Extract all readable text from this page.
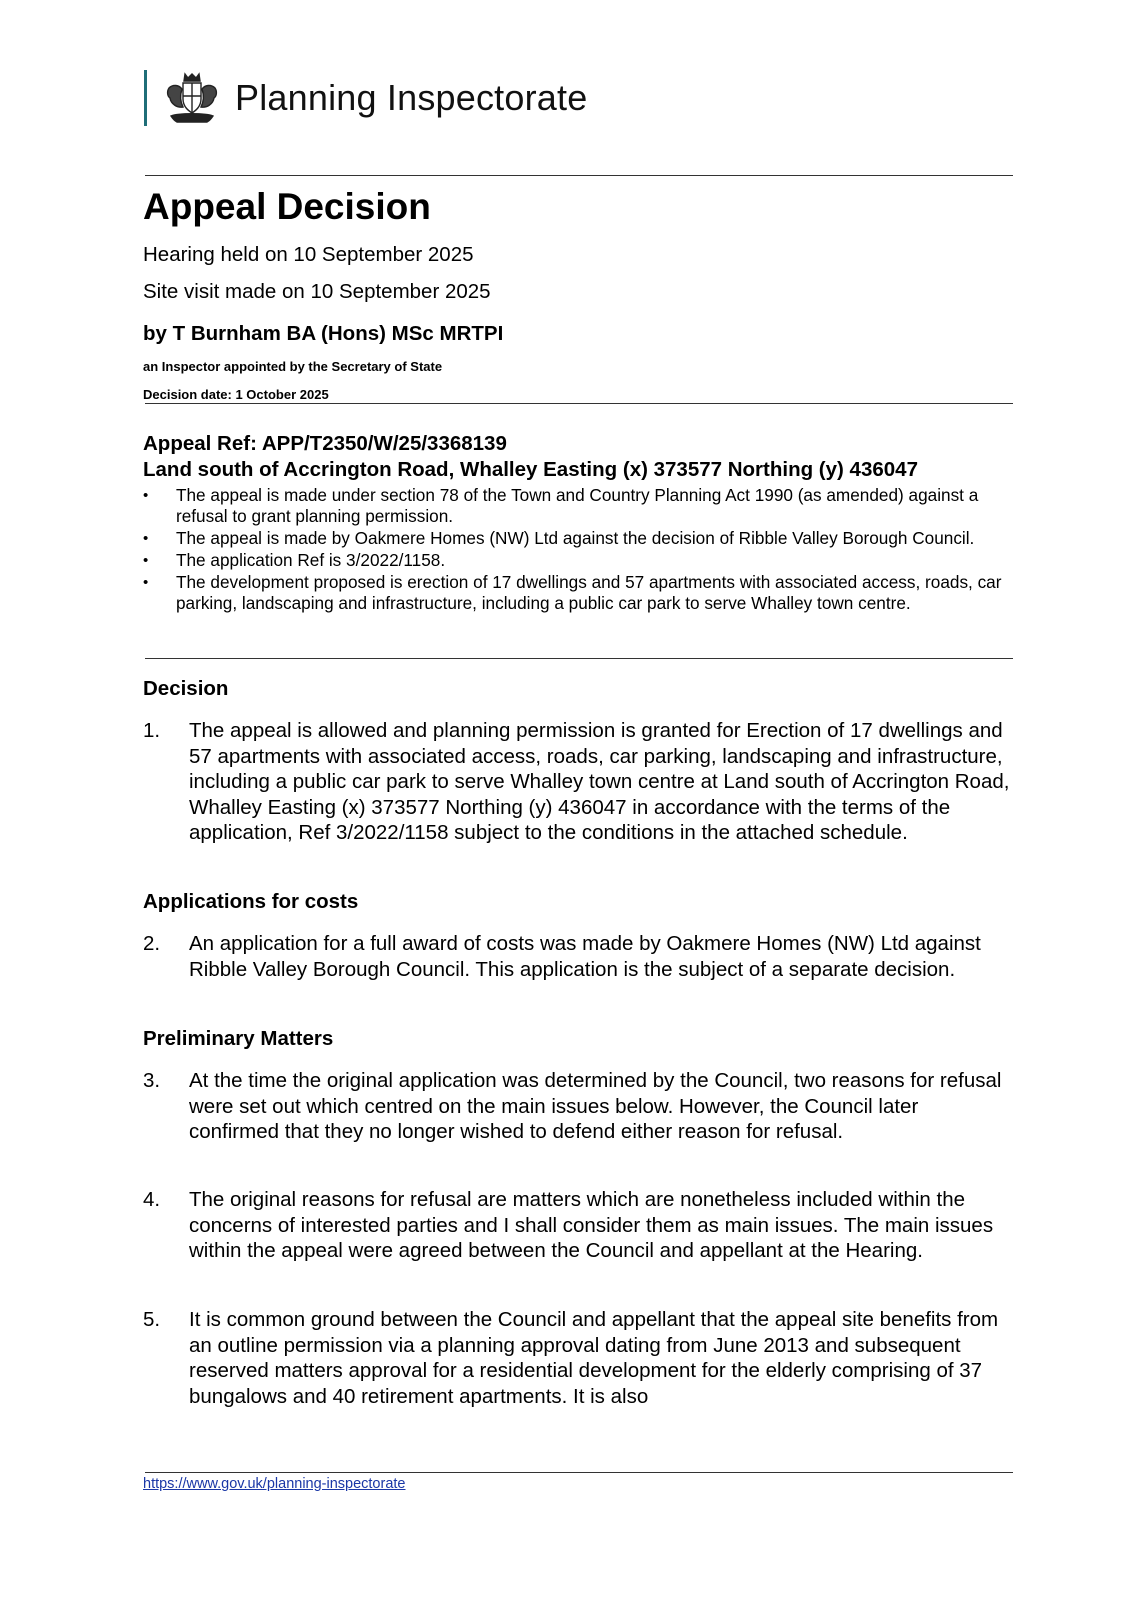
Planning Inspectorate
Appeal Decision
Hearing held on 10 September 2025
Site visit made on 10 September 2025
by T Burnham BA (Hons) MSc MRTPI
an Inspector appointed by the Secretary of State
Decision date: 1 October 2025
Appeal Ref: APP/T2350/W/25/3368139
Land south of Accrington Road, Whalley Easting (x) 373577 Northing (y) 436047
• The appeal is made under section 78 of the Town and Country Planning Act 1990 (as amended) against a refusal to grant planning permission.
• The appeal is made by Oakmere Homes (NW) Ltd against the decision of Ribble Valley Borough Council.
• The application Ref is 3/2022/1158.
• The development proposed is erection of 17 dwellings and 57 apartments with associated access, roads, car parking, landscaping and infrastructure, including a public car park to serve Whalley town centre.
Decision
1. The appeal is allowed and planning permission is granted for Erection of 17 dwellings and 57 apartments with associated access, roads, car parking, landscaping and infrastructure, including a public car park to serve Whalley town centre at Land south of Accrington Road, Whalley Easting (x) 373577 Northing (y) 436047 in accordance with the terms of the application, Ref 3/2022/1158 subject to the conditions in the attached schedule.
Applications for costs
2. An application for a full award of costs was made by Oakmere Homes (NW) Ltd against Ribble Valley Borough Council. This application is the subject of a separate decision.
Preliminary Matters
3. At the time the original application was determined by the Council, two reasons for refusal were set out which centred on the main issues below. However, the Council later confirmed that they no longer wished to defend either reason for refusal.
4. The original reasons for refusal are matters which are nonetheless included within the concerns of interested parties and I shall consider them as main issues. The main issues within the appeal were agreed between the Council and appellant at the Hearing.
5. It is common ground between the Council and appellant that the appeal site benefits from an outline permission via a planning approval dating from June 2013 and subsequent reserved matters approval for a residential development for the elderly comprising of 37 bungalows and 40 retirement apartments. It is also
https://www.gov.uk/planning-inspectorate
